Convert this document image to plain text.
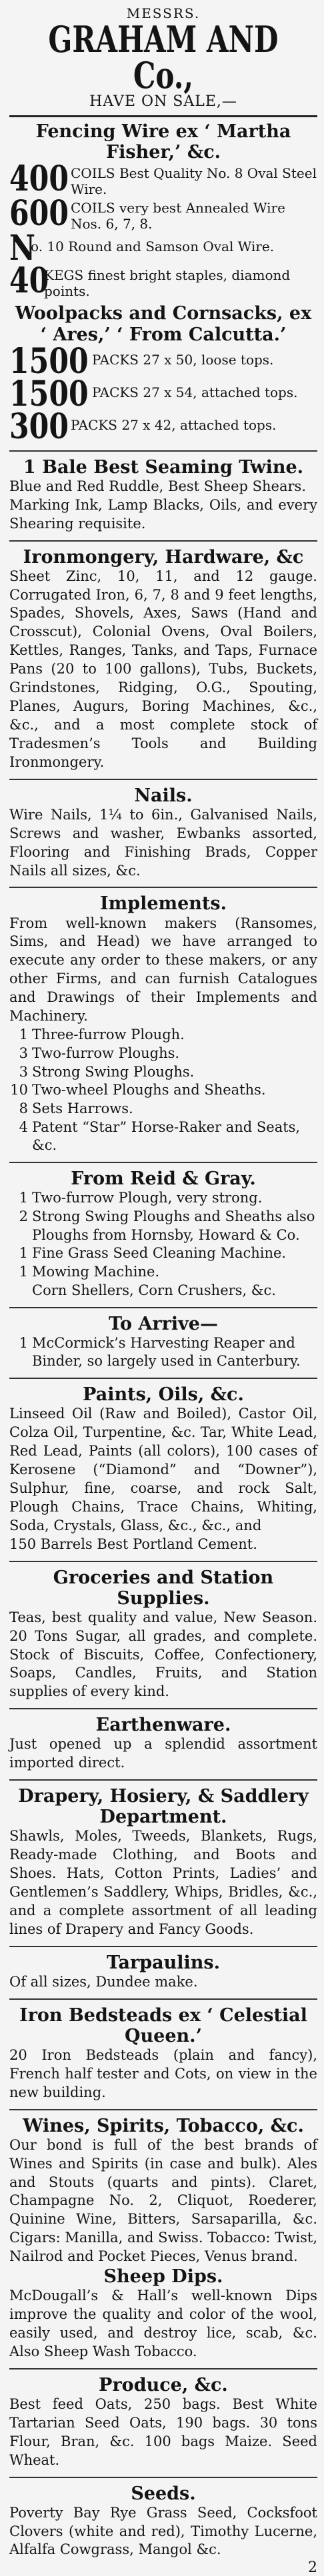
MESSRS.
GRAHAM AND Co.,
HAVE ON SALE,—
Fencing Wire ex ‘ Martha Fisher,’ &c.
400 COILS Best Quality No. 8 Oval Steel Wire.
600 COILS very best Annealed Wire Nos. 6, 7, 8.
N
o. 10 Round and Samson Oval Wire.
40
KEGS finest bright staples, diamond points.
Woolpacks and Cornsacks, ex ‘ Ares,’ ‘ From Calcutta.’
1500 PACKS 27 x 50, loose tops.
1500 PACKS 27 x 54, attached tops.
300 PACKS 27 x 42, attached tops.
1 Bale Best Seaming Twine.
Blue and Red Ruddle, Best Sheep Shears.
Marking Ink, Lamp Blacks, Oils, and every Shearing requisite.
Ironmongery, Hardware, &c
Sheet Zinc, 10, 11, and 12 gauge. Corrugated Iron, 6, 7, 8 and 9 feet lengths, Spades, Shovels, Axes, Saws (Hand and Crosscut), Colonial Ovens, Oval Boilers, Kettles, Ranges, Tanks, and Taps, Furnace Pans (20 to 100 gallons), Tubs, Buckets, Grindstones, Ridging, O.G., Spouting, Planes, Augurs, Boring Machines, &c., &c., and a most complete stock of Tradesmen’s Tools and Building Ironmongery.
Nails.
Wire Nails, 1¼ to 6in., Galvanised Nails, Screws and washer, Ewbanks assorted, Flooring and Finishing Brads, Copper Nails all sizes, &c.
Implements.
From well-known makers (Ransomes, Sims, and Head) we have arranged to execute any order to these makers, or any other Firms, and can furnish Catalogues and Drawings of their Implements and Machinery.
1 Three-furrow Plough.
3 Two-furrow Ploughs.
3 Strong Swing Ploughs.
10 Two-wheel Ploughs and Sheaths.
8 Sets Harrows.
4 Patent “Star” Horse-Raker and Seats, &c.
From Reid & Gray.
1 Two-furrow Plough, very strong.
2 Strong Swing Ploughs and Sheaths also Ploughs from Hornsby, Howard & Co.
1 Fine Grass Seed Cleaning Machine.
1 Mowing Machine.
Corn Shellers, Corn Crushers, &c.
To Arrive—
1 McCormick’s Harvesting Reaper and Binder, so largely used in Canterbury.
Paints, Oils, &c.
Linseed Oil (Raw and Boiled), Castor Oil, Colza Oil, Turpentine, &c. Tar, White Lead, Red Lead, Paints (all colors), 100 cases of Kerosene (“Diamond” and “Downer”), Sulphur, fine, coarse, and rock Salt, Plough Chains, Trace Chains, Whiting, Soda, Crystals, Glass, &c., &c., and
150 Barrels Best Portland Cement.
Groceries and Station Supplies.
Teas, best quality and value, New Season. 20 Tons Sugar, all grades, and complete. Stock of Biscuits, Coffee, Confectionery, Soaps, Candles, Fruits, and Station supplies of every kind.
Earthenware.
Just opened up a splendid assortment imported direct.
Drapery, Hosiery, & Saddlery Department.
Shawls, Moles, Tweeds, Blankets, Rugs, Ready-made Clothing, and Boots and Shoes. Hats, Cotton Prints, Ladies’ and Gentlemen’s Saddlery, Whips, Bridles, &c., and a complete assortment of all leading lines of Drapery and Fancy Goods.
Tarpaulins.
Of all sizes, Dundee make.
Iron Bedsteads ex ‘ Celestial Queen.’
20 Iron Bedsteads (plain and fancy), French half tester and Cots, on view in the new building.
Wines, Spirits, Tobacco, &c.
Our bond is full of the best brands of Wines and Spirits (in case and bulk). Ales and Stouts (quarts and pints). Claret, Champagne No. 2, Cliquot, Roederer, Quinine Wine, Bitters, Sarsaparilla, &c. Cigars: Manilla, and Swiss. Tobacco: Twist, Nailrod and Pocket Pieces, Venus brand.
Sheep Dips.
McDougall’s & Hall’s well-known Dips improve the quality and color of the wool, easily used, and destroy lice, scab, &c. Also Sheep Wash Tobacco.
Produce, &c.
Best feed Oats, 250 bags. Best White Tartarian Seed Oats, 190 bags. 30 tons Flour, Bran, &c. 100 bags Maize. Seed Wheat.
Seeds.
Poverty Bay Rye Grass Seed, Cocksfoot Clovers (white and red), Timothy Lucerne, Alfalfa Cowgrass, Mangol &c.
2
